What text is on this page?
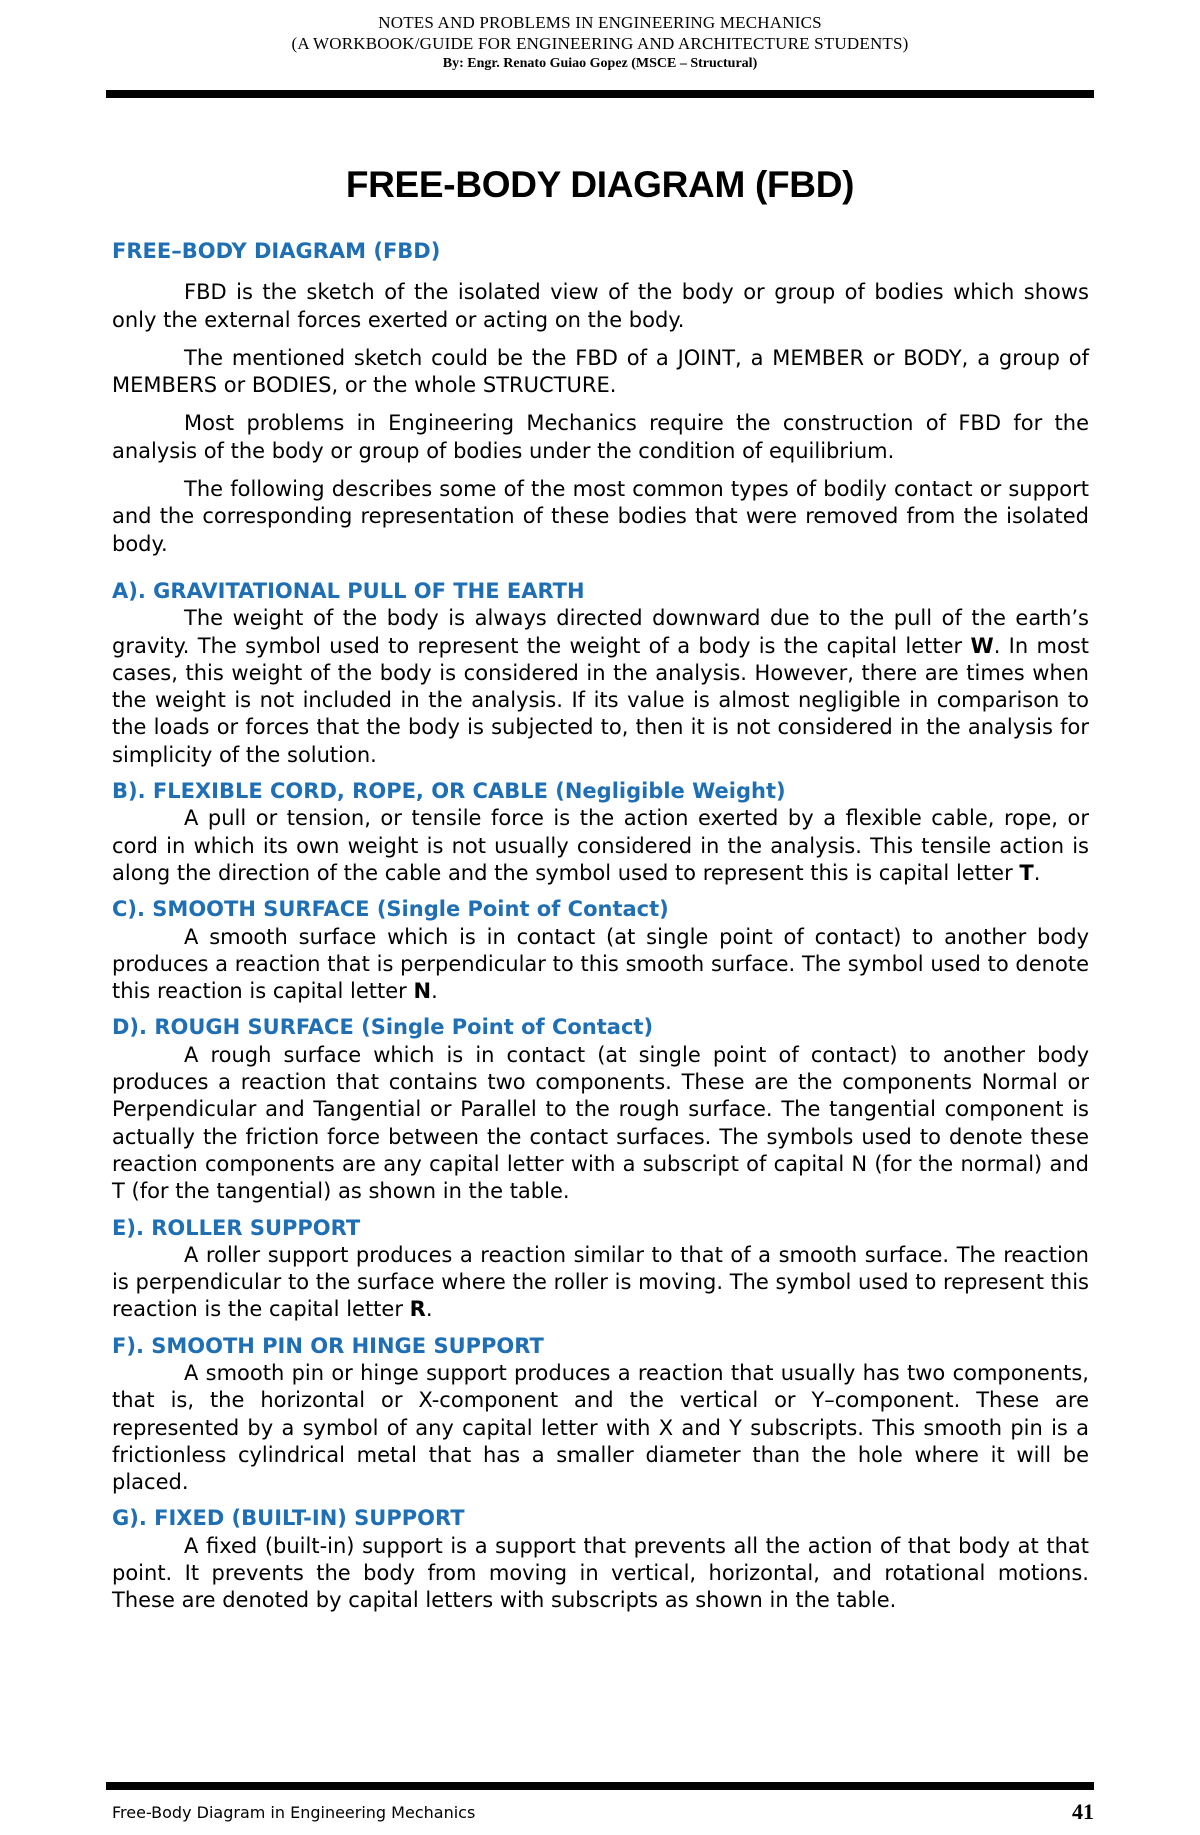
NOTES AND PROBLEMS IN ENGINEERING MECHANICS
(A WORKBOOK/GUIDE FOR ENGINEERING AND ARCHITECTURE STUDENTS)
By: Engr. Renato Guiao Gopez (MSCE – Structural)
FREE-BODY DIAGRAM (FBD)
FREE–BODY DIAGRAM (FBD)

FBD is the sketch of the isolated view of the body or group of bodies which shows only the external forces exerted or acting on the body.

The mentioned sketch could be the FBD of a JOINT, a MEMBER or BODY, a group of MEMBERS or BODIES, or the whole STRUCTURE.

Most problems in Engineering Mechanics require the construction of FBD for the analysis of the body or group of bodies under the condition of equilibrium.

The following describes some of the most common types of bodily contact or support and the corresponding representation of these bodies that were removed from the isolated body.

A). GRAVITATIONAL PULL OF THE EARTH

The weight of the body is always directed downward due to the pull of the earth’s gravity. The symbol used to represent the weight of a body is the capital letter W. In most cases, this weight of the body is considered in the analysis. However, there are times when the weight is not included in the analysis. If its value is almost negligible in comparison to the loads or forces that the body is subjected to, then it is not considered in the analysis for simplicity of the solution.

B). FLEXIBLE CORD, ROPE, OR CABLE (Negligible Weight)

A pull or tension, or tensile force is the action exerted by a flexible cable, rope, or cord in which its own weight is not usually considered in the analysis. This tensile action is along the direction of the cable and the symbol used to represent this is capital letter T.

C). SMOOTH SURFACE (Single Point of Contact)

A smooth surface which is in contact (at single point of contact) to another body produces a reaction that is perpendicular to this smooth surface. The symbol used to denote this reaction is capital letter N.

D). ROUGH SURFACE (Single Point of Contact)

A rough surface which is in contact (at single point of contact) to another body produces a reaction that contains two components. These are the components Normal or Perpendicular and Tangential or Parallel to the rough surface. The tangential component is actually the friction force between the contact surfaces. The symbols used to denote these reaction components are any capital letter with a subscript of capital N (for the normal) and T (for the tangential) as shown in the table.

E). ROLLER SUPPORT

A roller support produces a reaction similar to that of a smooth surface. The reaction is perpendicular to the surface where the roller is moving. The symbol used to represent this reaction is the capital letter R.

F). SMOOTH PIN OR HINGE SUPPORT

A smooth pin or hinge support produces a reaction that usually has two components, that is, the horizontal or X-component and the vertical or Y–component. These are represented by a symbol of any capital letter with X and Y subscripts. This smooth pin is a frictionless cylindrical metal that has a smaller diameter than the hole where it will be placed.

G). FIXED (BUILT-IN) SUPPORT

A fixed (built-in) support is a support that prevents all the action of that body at that point. It prevents the body from moving in vertical, horizontal, and rotational motions. These are denoted by capital letters with subscripts as shown in the table.

Free-Body Diagram in Engineering Mechanics	41
